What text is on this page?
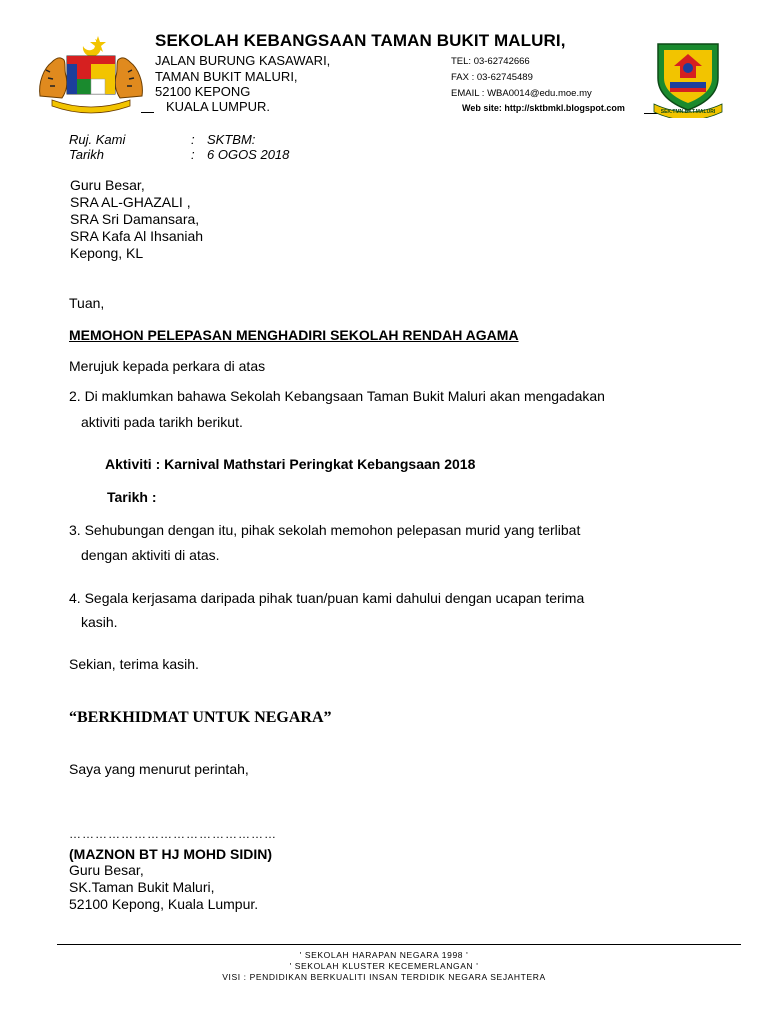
SEKOLAH KEBANGSAAN TAMAN BUKIT MALURI,
JALAN BURUNG KASAWARI,
TAMAN BUKIT MALURI,
52100 KEPONG
KUALA LUMPUR.
TEL: 03-62742666
FAX : 03-62745489
EMAIL : WBA0014@edu.moe.my
Web site: http://sktbmkl.blogspot.com	SEK.TMN.BKT.MALURI
Ruj. Kami	: SKTBM:
Tarikh	: 6 OGOS 2018
Guru Besar,
SRA AL-GHAZALI ,
SRA Sri Damansara,
SRA Kafa Al Ihsaniah
Kepong, KL
Tuan,
MEMOHON PELEPASAN MENGHADIRI SEKOLAH RENDAH AGAMA
Merujuk kepada perkara di atas
2. Di maklumkan bahawa Sekolah Kebangsaan Taman Bukit Maluri akan mengadakan
aktiviti pada tarikh berikut.
Aktiviti : Karnival Mathstari Peringkat Kebangsaan 2018
Tarikh :
3. Sehubungan dengan itu, pihak sekolah memohon pelepasan murid yang terlibat
dengan aktiviti di atas.
4. Segala kerjasama daripada pihak tuan/puan kami dahului dengan ucapan terima
kasih.
Sekian, terima kasih.
“BERKHIDMAT UNTUK NEGARA”
Saya yang menurut perintah,
…………………………………………
(MAZNON BT HJ MOHD SIDIN)
Guru Besar,
SK.Taman Bukit Maluri,
52100 Kepong, Kuala Lumpur.
' SEKOLAH HARAPAN NEGARA 1998 '
' SEKOLAH KLUSTER KECEMERLANGAN '
VISI : PENDIDIKAN BERKUALITI INSAN TERDIDIK NEGARA SEJAHTERA
